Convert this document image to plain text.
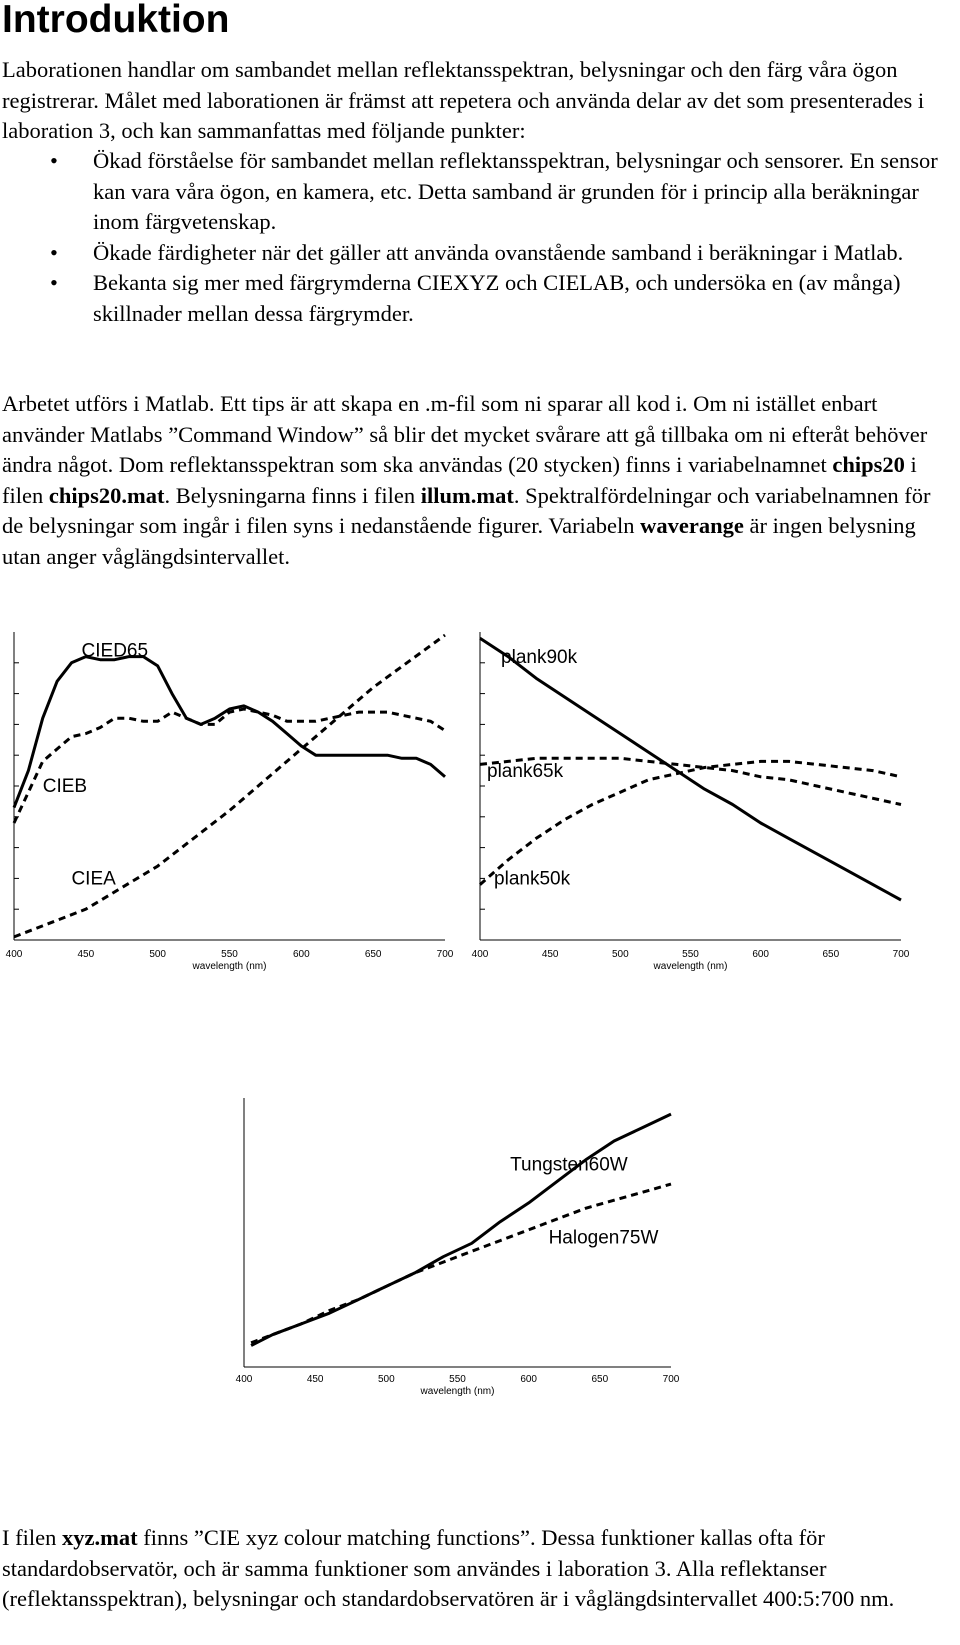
Introduktion

Laborationen handlar om sambandet mellan reflektansspektran, belysningar och den färg våra ögon registrerar. Målet med laborationen är främst att repetera och använda delar av det som presenterades i laboration 3, och kan sammanfattas med följande punkter:

• Ökad förståelse för sambandet mellan reflektansspektran, belysningar och sensorer. En sensor kan vara våra ögon, en kamera, etc. Detta samband är grunden för i princip alla beräkningar inom färgvetenskap.
• Ökade färdigheter när det gäller att använda ovanstående samband i beräkningar i Matlab.
• Bekanta sig mer med färgrymderna CIEXYZ och CIELAB, och undersöka en (av många) skillnader mellan dessa färgrymder.

Arbetet utförs i Matlab. Ett tips är att skapa en .m-fil som ni sparar all kod i. Om ni istället enbart använder Matlabs ”Command Window” så blir det mycket svårare att gå tillbaka om ni efteråt behöver ändra något. Dom reflektansspektran som ska användas (20 stycken) finns i variabelnamnet chips20 i filen chips20.mat. Belysningarna finns i filen illum.mat. Spektralfördelningar och variabelnamnen för de belysningar som ingår i filen syns i nedanstående figurer. Variabeln waverange är ingen belysning utan anger våglängdsintervallet.

400	450	500	550	600	650	700
wavelength (nm)
CIED65
CIEB
CIEA
400	450	500	550	600	650	700
wavelength (nm)
plank90k
plank65k
plank50k
400	450	500	550	600	650	700
wavelength (nm)
Tungsten60W
Halogen75W

I filen xyz.mat finns ”CIE xyz colour matching functions”. Dessa funktioner kallas ofta för standardobservatör, och är samma funktioner som användes i laboration 3. Alla reflektanser (reflektansspektran), belysningar och standardobservatören är i våglängdsintervallet 400:5:700 nm.
